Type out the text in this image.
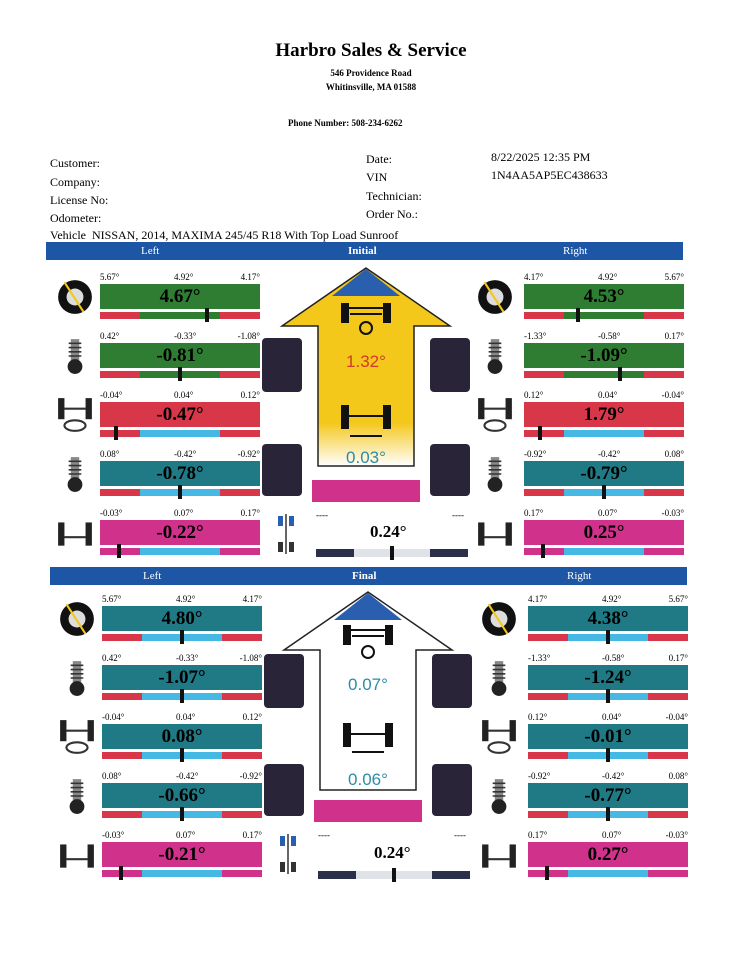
Harbro Sales & Service
546 Providence Road
Whitinsville, MA 01588
Phone Number: 508-234-6262
Customer:
Company:
License No:
Odometer:
Date:	8/22/2025 12:35 PM
VIN	1N4AA5AP5EC438633
Technician:
Order No.:
Vehicle NISSAN, 2014, MAXIMA 245/45 R18 With Top Load Sunroof
Left	Initial	Right
5.67°	4.92°	4.17°
4.67°
0.42°	-0.33°	-1.08°
-0.81°
-0.04°	0.04°	0.12°
-0.47°
0.08°	-0.42°	-0.92°
-0.78°
-0.03°	0.07°	0.17°
-0.22°
4.17°	4.92°	5.67°
4.53°
-1.33°	-0.58°	0.17°
-1.09°
0.12°	0.04°	-0.04°
1.79°
-0.92°	-0.42°	0.08°
-0.79°
0.17°	0.07°	-0.03°
0.25°
1.32°
0.03°
----	----
0.24°
Left	Final	Right
5.67°	4.92°	4.17°
4.80°
0.42°	-0.33°	-1.08°
-1.07°
-0.04°	0.04°	0.12°
0.08°
0.08°	-0.42°	-0.92°
-0.66°
-0.03°	0.07°	0.17°
-0.21°
4.17°	4.92°	5.67°
4.38°
-1.33°	-0.58°	0.17°
-1.24°
0.12°	0.04°	-0.04°
-0.01°
-0.92°	-0.42°	0.08°
-0.77°
0.17°	0.07°	-0.03°
0.27°
0.07°
0.06°
----	----
0.24°
